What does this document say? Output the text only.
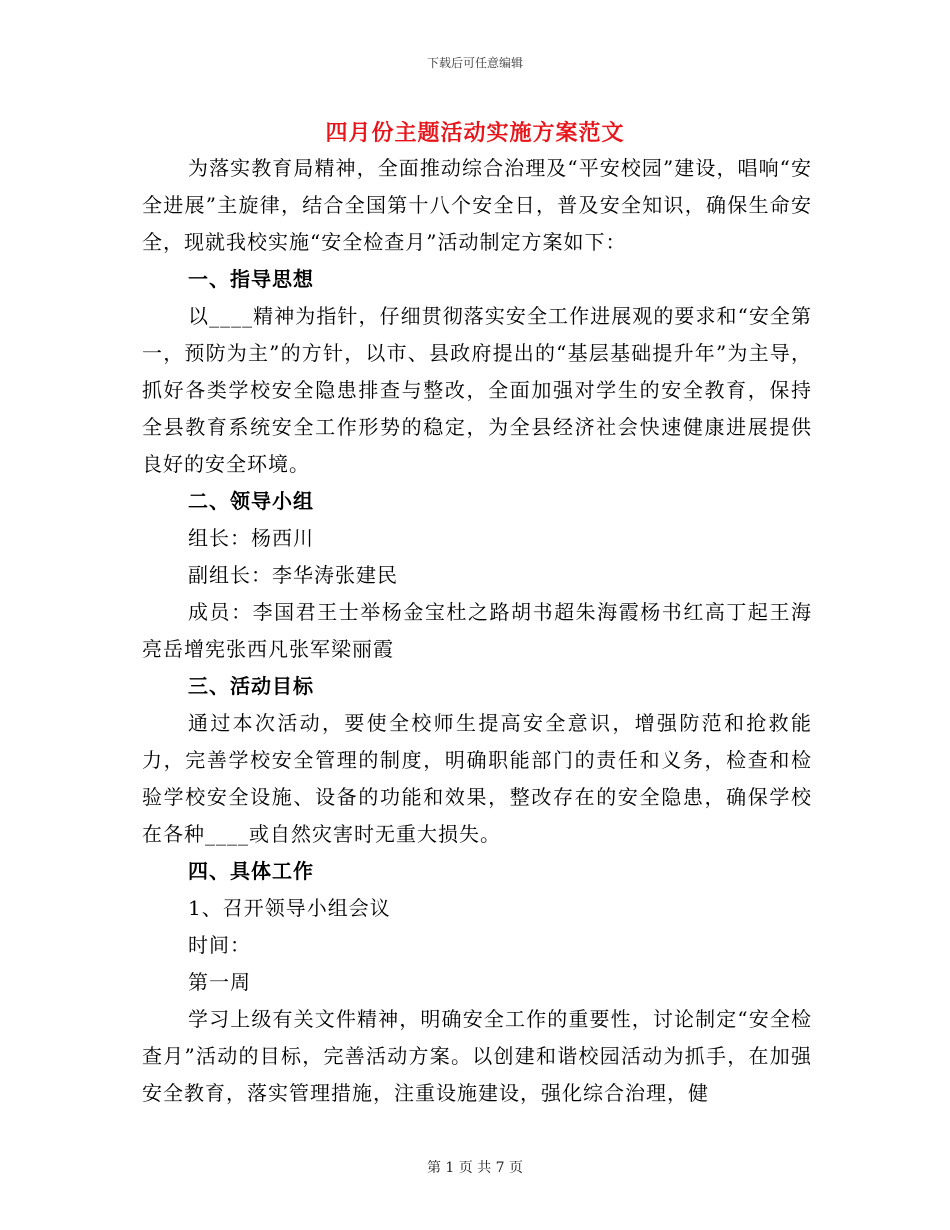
下载后可任意编辑
四月份主题活动实施方案范文

为落实教育局精神，全面推动综合治理及“平安校园”建设，唱响“安全进展”主旋律，结合全国第十八个安全日，普及安全知识，确保生命安全，现就我校实施“安全检查月”活动制定方案如下：

一、指导思想

以____精神为指针，仔细贯彻落实安全工作进展观的要求和“安全第一，预防为主”的方针，以市、县政府提出的“基层基础提升年”为主导，抓好各类学校安全隐患排查与整改，全面加强对学生的安全教育，保持全县教育系统安全工作形势的稳定，为全县经济社会快速健康进展提供良好的安全环境。

二、领导小组

组长：杨西川

副组长：李华涛张建民

成员：李国君王士举杨金宝杜之路胡书超朱海霞杨书红高丁起王海亮岳增宪张西凡张军梁丽霞

三、活动目标

通过本次活动，要使全校师生提高安全意识，增强防范和抢救能力，完善学校安全管理的制度，明确职能部门的责任和义务，检查和检验学校安全设施、设备的功能和效果，整改存在的安全隐患，确保学校在各种____或自然灾害时无重大损失。

四、具体工作

1、召开领导小组会议

时间：

第一周

学习上级有关文件精神，明确安全工作的重要性，讨论制定“安全检查月”活动的目标，完善活动方案。以创建和谐校园活动为抓手，在加强安全教育，落实管理措施，注重设施建设，强化综合治理，健

第 1 页 共 7 页
